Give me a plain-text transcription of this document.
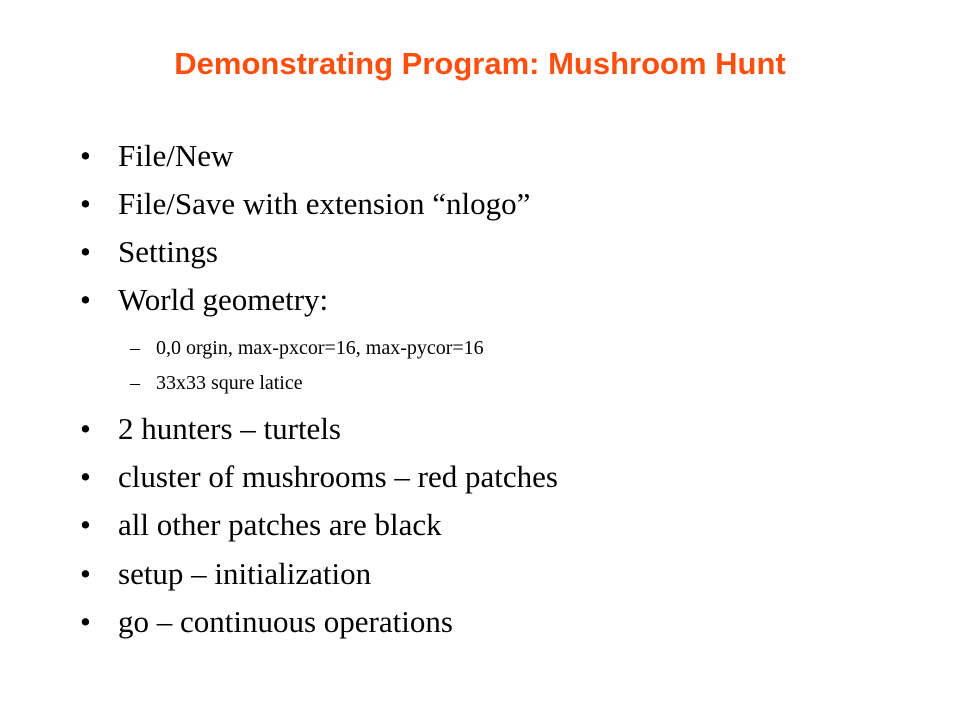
Demonstrating Program: Mushroom Hunt
• File/New
• File/Save with extension “nlogo”
• Settings
• World geometry:
– 0,0 orgin, max-pxcor=16, max-pycor=16
– 33x33 squre latice
• 2 hunters – turtels
• cluster of mushrooms – red patches
• all other patches are black
• setup – initialization
• go – continuous operations
